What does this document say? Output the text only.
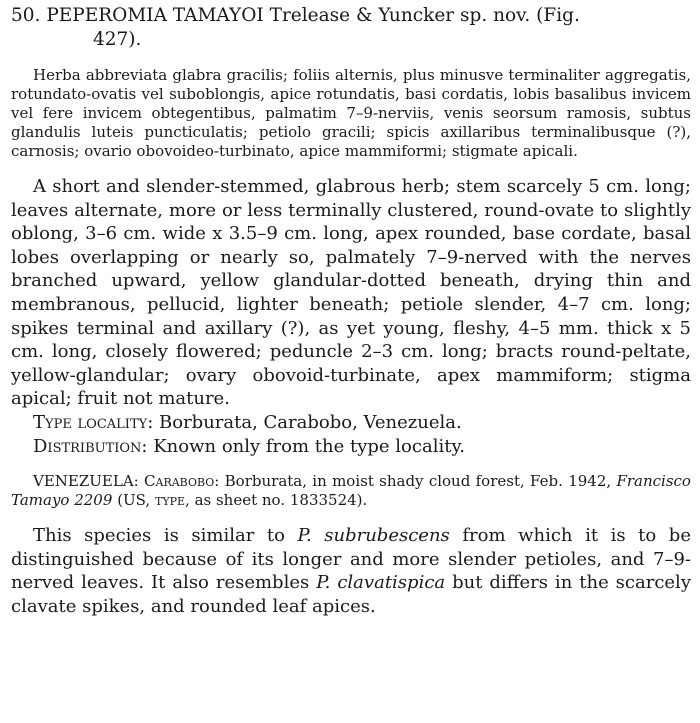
50. PEPEROMIA TAMAYOI Trelease & Yuncker sp. nov. (Fig.
427).

Herba abbreviata glabra gracilis; foliis alternis, plus minusve terminaliter aggregatis, rotundato-ovatis vel suboblongis, apice rotundatis, basi cordatis, lobis basalibus invicem vel fere invicem obtegentibus, palmatim 7–9-nerviis, venis seorsum ramosis, subtus glandulis luteis puncticulatis; petiolo gracili; spicis axillaribus terminalibusque (?), carnosis; ovario obovoideo-turbinato, apice mammiformi; stigmate apicali.

A short and slender-stemmed, glabrous herb; stem scarcely 5 cm. long; leaves alternate, more or less terminally clustered, round-ovate to slightly oblong, 3–6 cm. wide x 3.5–9 cm. long, apex rounded, base cordate, basal lobes overlapping or nearly so, palmately 7–9-nerved with the nerves branched upward, yellow glandular-dotted beneath, drying thin and membranous, pellucid, lighter beneath; petiole slender, 4–7 cm. long; spikes terminal and axillary (?), as yet young, fleshy, 4–5 mm. thick x 5 cm. long, closely flowered; peduncle 2–3 cm. long; bracts round-peltate, yellow-glandular; ovary obovoid-turbinate, apex mammiform; stigma apical; fruit not mature.

Type locality: Borburata, Carabobo, Venezuela.

Distribution: Known only from the type locality.

VENEZUELA: Carabobo: Borburata, in moist shady cloud forest, Feb. 1942, Francisco Tamayo 2209 (US, type, as sheet no. 1833524).

This species is similar to P. subrubescens from which it is to be distinguished because of its longer and more slender petioles, and 7–9-nerved leaves. It also resembles P. clavatispica but differs in the scarcely clavate spikes, and rounded leaf apices.
